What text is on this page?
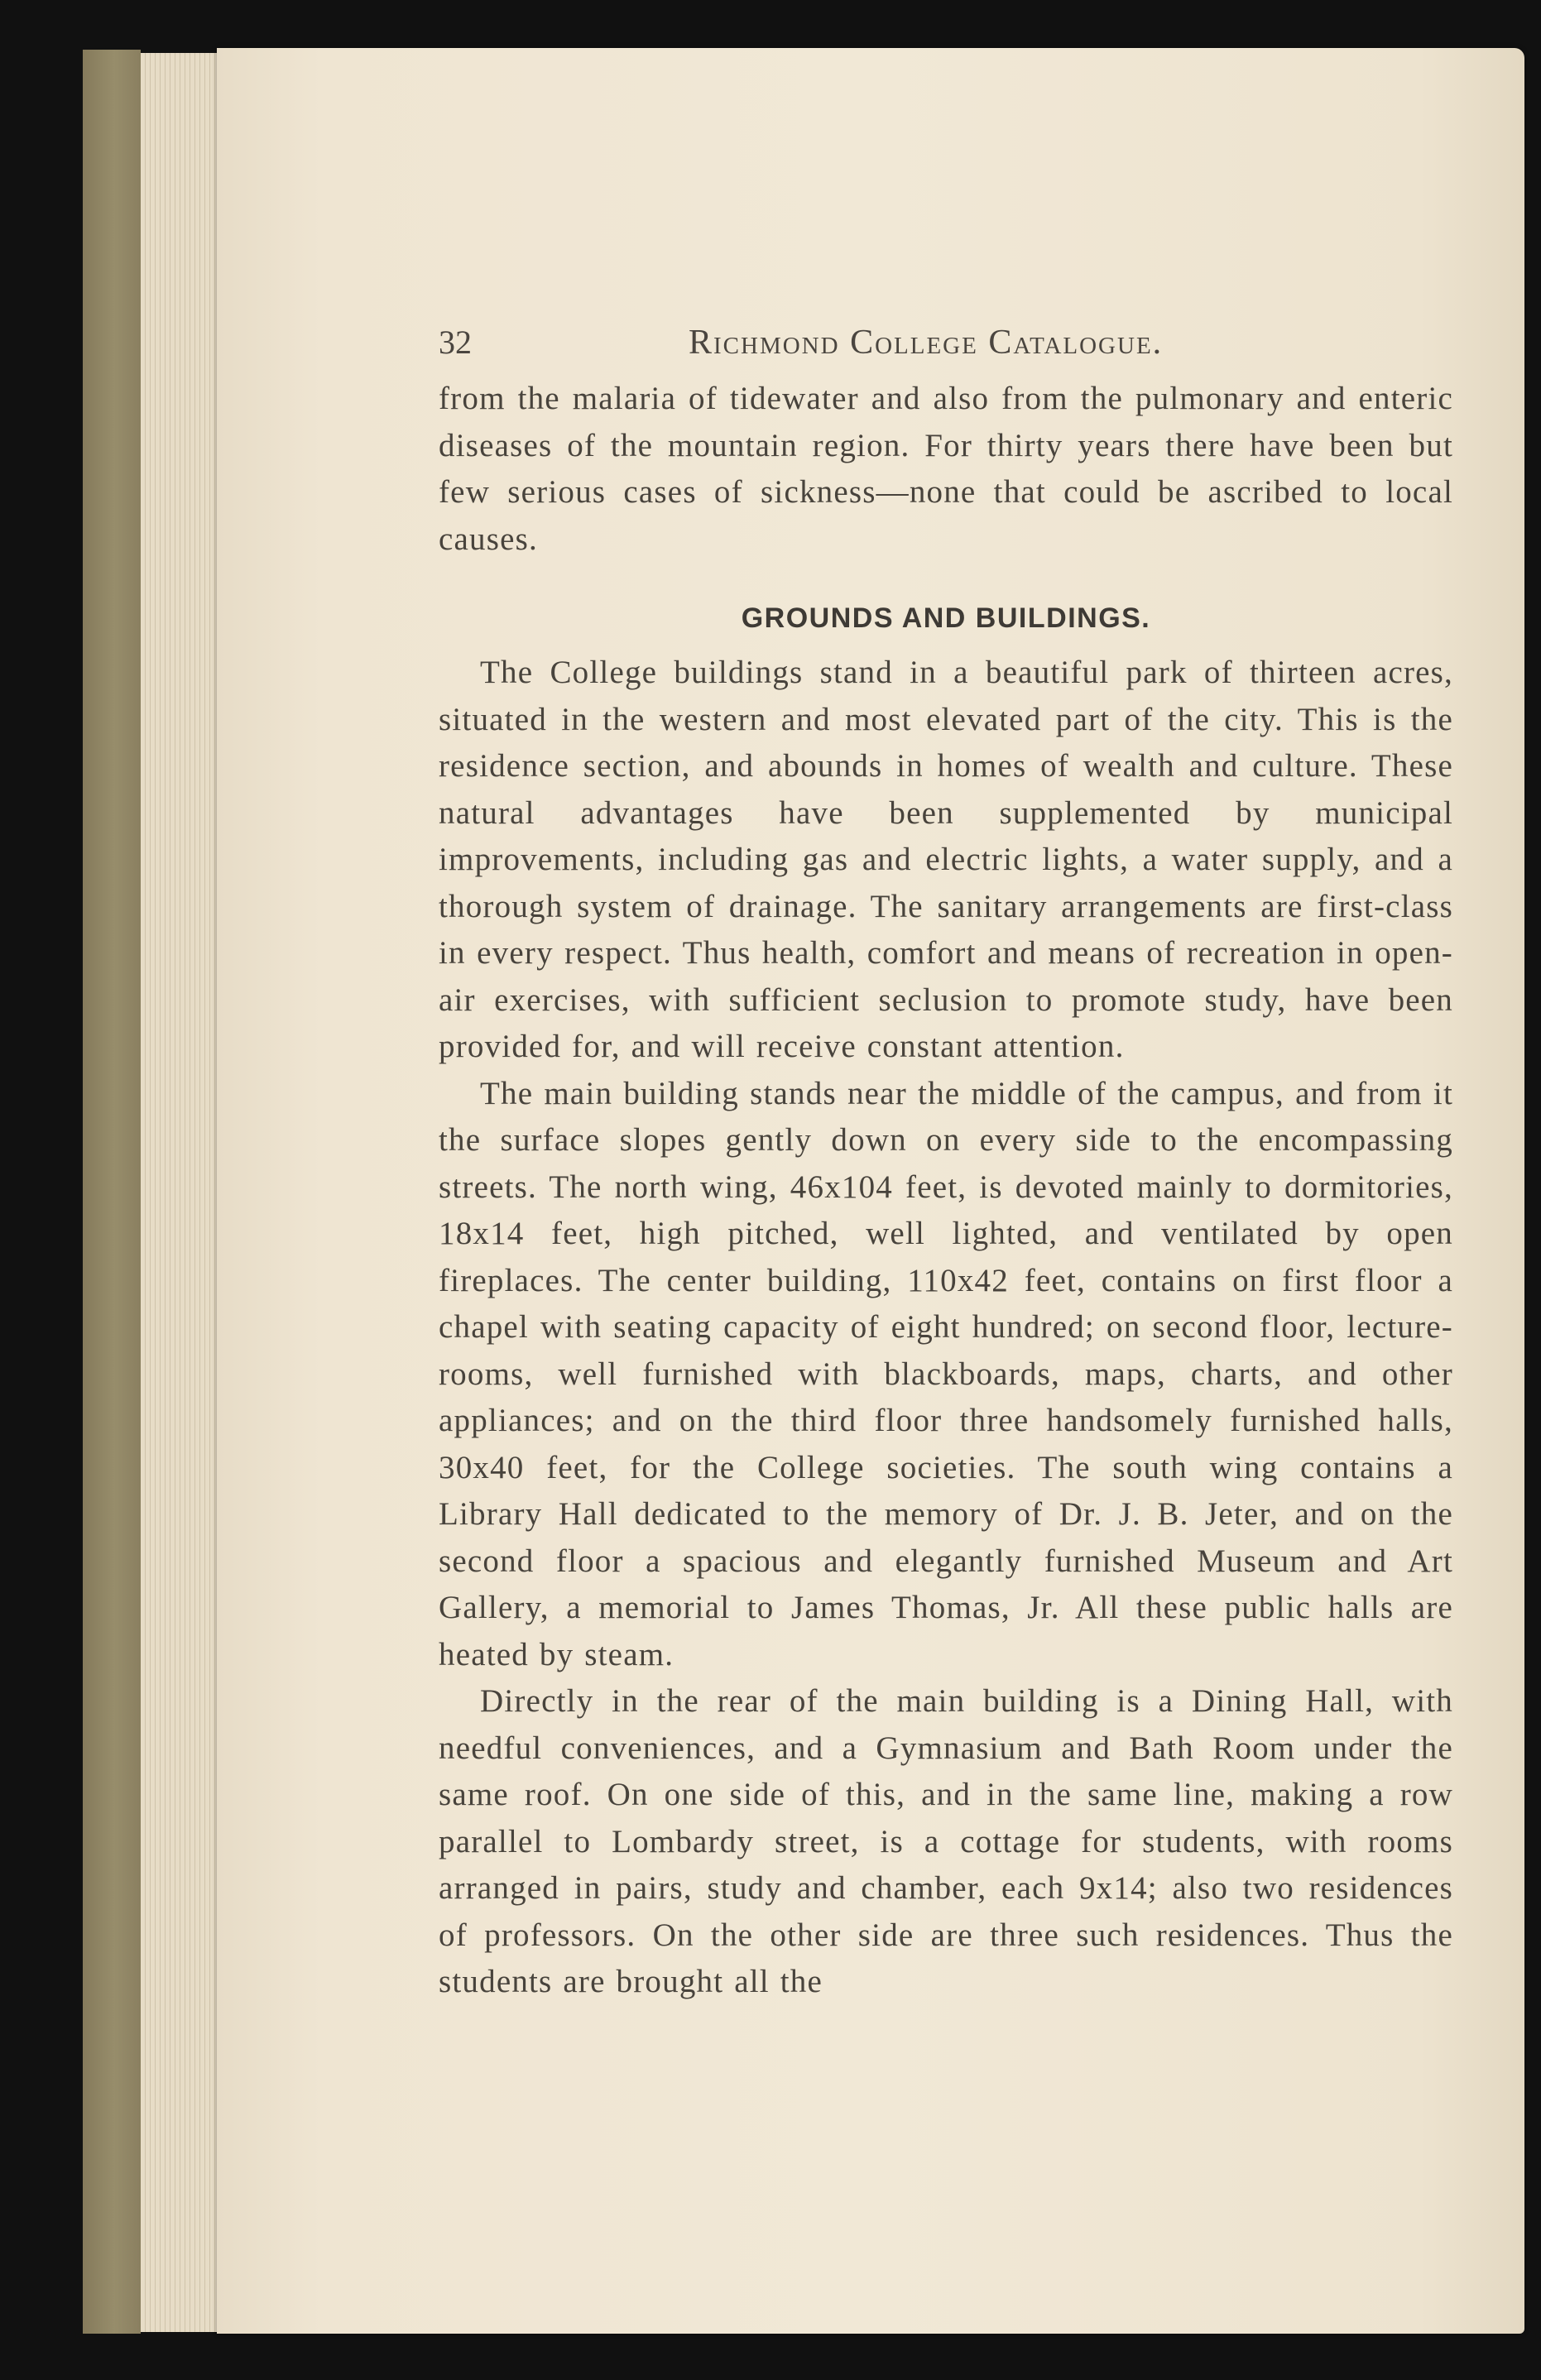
32	Richmond College Catalogue.

from the malaria of tidewater and also from the pulmonary and enteric diseases of the mountain region. For thirty years there have been but few serious cases of sickness—none that could be ascribed to local causes.

GROUNDS AND BUILDINGS.

The College buildings stand in a beautiful park of thirteen acres, situated in the western and most elevated part of the city. This is the residence section, and abounds in homes of wealth and culture. These natural advantages have been supplemented by municipal improvements, including gas and electric lights, a water supply, and a thorough system of drainage. The sanitary arrangements are first-class in every respect. Thus health, comfort and means of recreation in open-air exercises, with sufficient seclusion to promote study, have been provided for, and will receive constant attention.

The main building stands near the middle of the campus, and from it the surface slopes gently down on every side to the encompassing streets. The north wing, 46x104 feet, is devoted mainly to dormitories, 18x14 feet, high pitched, well lighted, and ventilated by open fireplaces. The center building, 110x42 feet, contains on first floor a chapel with seating capacity of eight hundred; on second floor, lecture-rooms, well furnished with blackboards, maps, charts, and other appliances; and on the third floor three handsomely furnished halls, 30x40 feet, for the College societies. The south wing contains a Library Hall dedicated to the memory of Dr. J. B. Jeter, and on the second floor a spacious and elegantly furnished Museum and Art Gallery, a memorial to James Thomas, Jr. All these public halls are heated by steam.

Directly in the rear of the main building is a Dining Hall, with needful conveniences, and a Gymnasium and Bath Room under the same roof. On one side of this, and in the same line, making a row parallel to Lombardy street, is a cottage for students, with rooms arranged in pairs, study and chamber, each 9x14; also two residences of professors. On the other side are three such residences. Thus the students are brought all the
